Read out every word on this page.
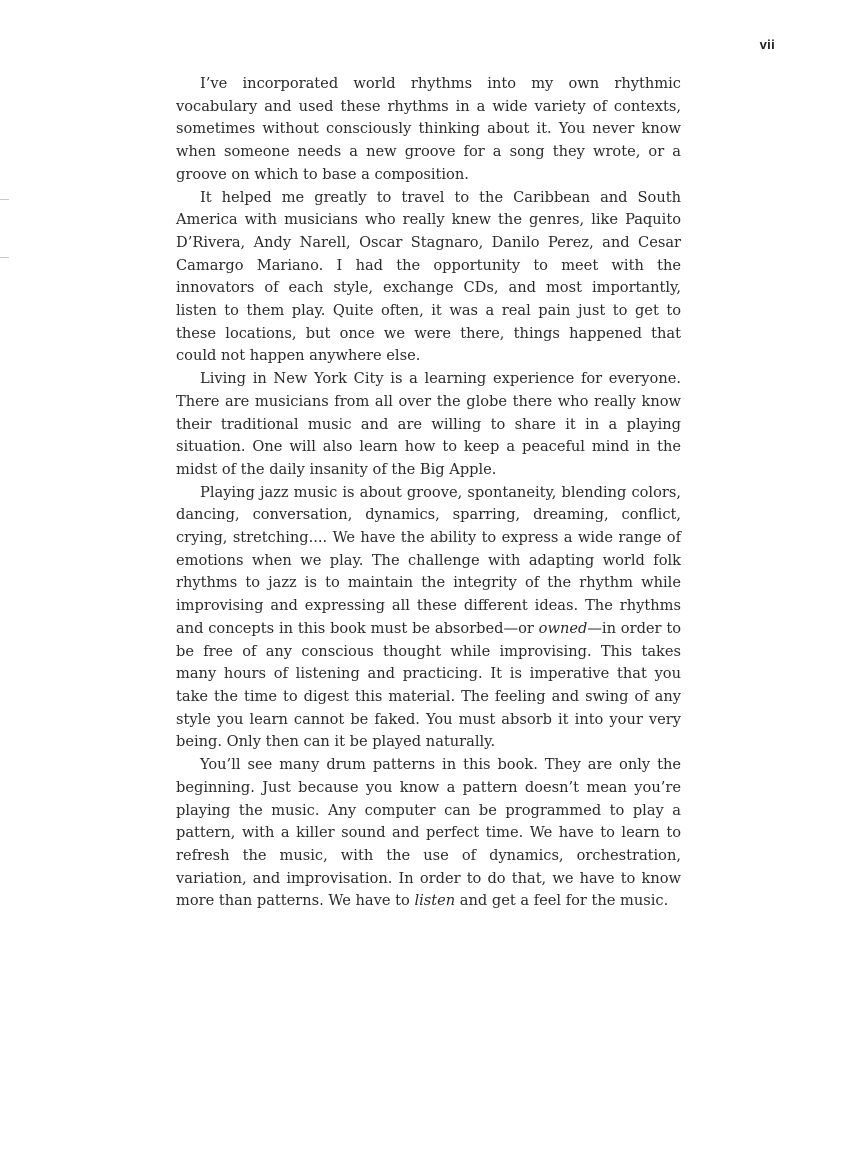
vii

I’ve incorporated world rhythms into my own rhythmic vocabulary and used these rhythms in a wide variety of contexts, sometimes without consciously thinking about it. You never know when someone needs a new groove for a song they wrote, or a groove on which to base a composition.

It helped me greatly to travel to the Caribbean and South America with musicians who really knew the genres, like Paquito D’Rivera, Andy Narell, Oscar Stagnaro, Danilo Perez, and Cesar Camargo Mariano. I had the opportunity to meet with the innovators of each style, exchange CDs, and most importantly, listen to them play. Quite often, it was a real pain just to get to these locations, but once we were there, things happened that could not happen anywhere else.

Living in New York City is a learning experience for everyone. There are musicians from all over the globe there who really know their traditional music and are willing to share it in a playing situation. One will also learn how to keep a peaceful mind in the midst of the daily insanity of the Big Apple.

Playing jazz music is about groove, spontaneity, blending colors, dancing, conversation, dynamics, sparring, dreaming, conflict, crying, stretching.... We have the ability to express a wide range of emotions when we play. The challenge with adapting world folk rhythms to jazz is to maintain the integrity of the rhythm while improvising and expressing all these different ideas. The rhythms and concepts in this book must be absorbed—or owned—in order to be free of any conscious thought while improvising. This takes many hours of listening and practicing. It is imperative that you take the time to digest this material. The feeling and swing of any style you learn cannot be faked. You must absorb it into your very being. Only then can it be played naturally.

You’ll see many drum patterns in this book. They are only the beginning. Just because you know a pattern doesn’t mean you’re playing the music. Any computer can be programmed to play a pattern, with a killer sound and perfect time. We have to learn to refresh the music, with the use of dynamics, orchestration, variation, and improvisation. In order to do that, we have to know more than patterns. We have to listen and get a feel for the music.
